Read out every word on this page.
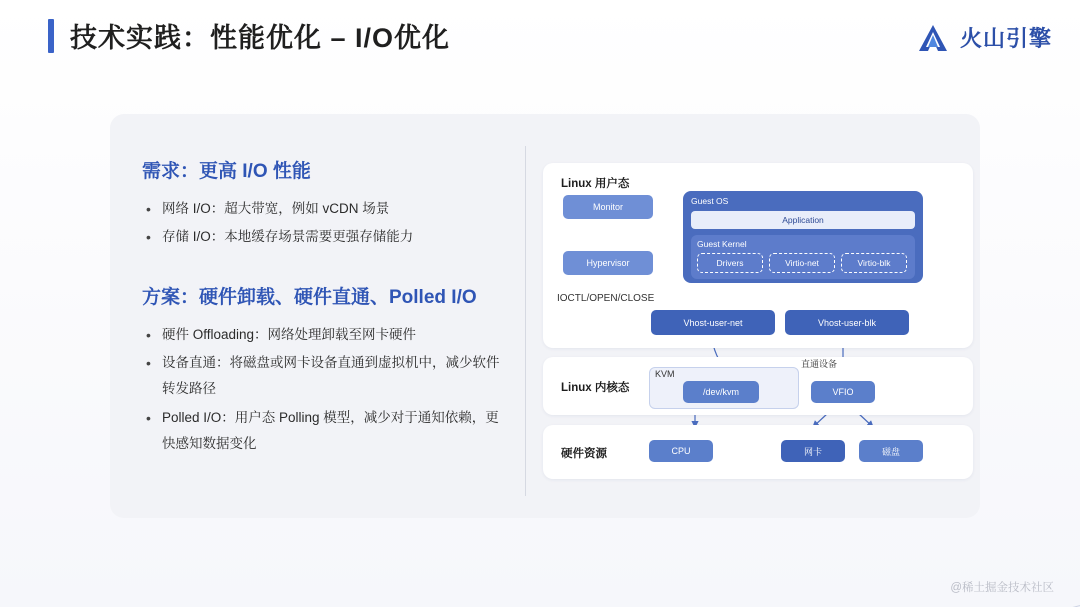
技术实践：性能优化 – I/O优化	火山引擎
需求：更高 I/O 性能
• 网络 I/O：超大带宽，例如 vCDN 场景
• 存储 I/O：本地缓存场景需要更强存储能力
方案：硬件卸载、硬件直通、Polled I/O
• 硬件 Offloading：网络处理卸载至网卡硬件
• 设备直通：将磁盘或网卡设备直通到虚拟机中，减少软件转发路径
• Polled I/O：用户态 Polling 模型，减少对于通知依赖，更快感知数据变化
Linux 用户态
Monitor
Hypervisor
IOCTL/OPEN/CLOSE
Guest OS
Application
Guest Kernel
Drivers	Virtio-net	Virtio-blk
Vhost-user-net	Vhost-user-blk
Linux 内核态
KVM
/dev/kvm
直通设备
VFIO
硬件资源	CPU	网卡	磁盘
@稀土掘金技术社区
